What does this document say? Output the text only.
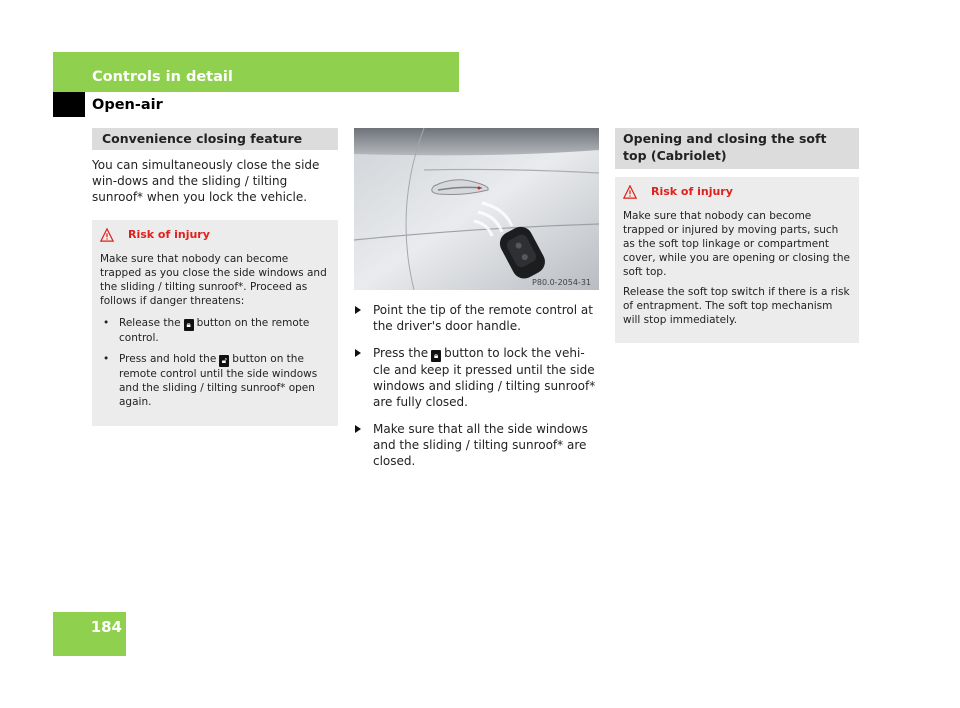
Controls in detail
Open-air
Convenience closing feature

You can simultaneously close the side win-dows and the sliding / tilting sunroof* when you lock the vehicle.

Risk of injury

Make sure that nobody can become trapped as you close the side windows and the sliding / tilting sunroof*. Proceed as follows if danger threatens:

• Release the 🔒︎ button on the remote control.
• Press and hold the 🔓︎ button on the remote control until the side windows and the sliding / tilting sunroof* open again.
P80.0-2054-31
Point the tip of the remote control at the driver's door handle.
Press the 🔒︎ button to lock the vehi-cle and keep it pressed until the side windows and sliding / tilting sunroof* are fully closed.
Make sure that all the side windows and the sliding / tilting sunroof* are closed.
Opening and closing the soft top (Cabriolet)
Risk of injury

Make sure that nobody can become trapped or injured by moving parts, such as the soft top linkage or compartment cover, while you are opening or closing the soft top.

Release the soft top switch if there is a risk of entrapment. The soft top mechanism will stop immediately.

184
